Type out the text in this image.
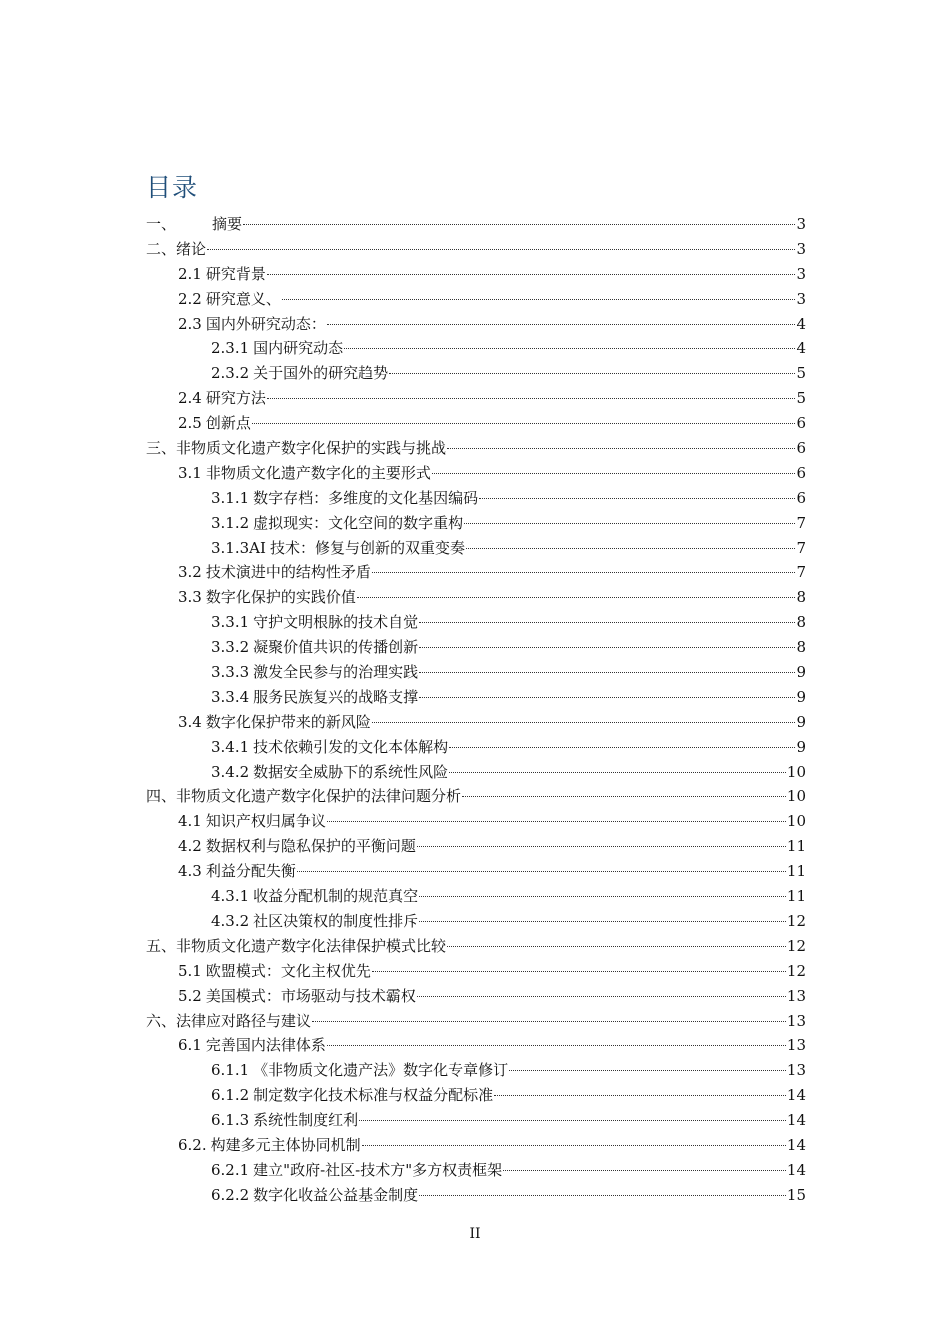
目录
一、	摘要	3
二、 绪论	3
2.1 研究背景	3
2.2 研究意义、	3
2.3 国内外研究动态：	4
2.3.1 国内研究动态	4
2.3.2 关于国外的研究趋势	5
2.4 研究方法	5
2.5 创新点	6
三、 非物质文化遗产数字化保护的实践与挑战	6
3.1 非物质文化遗产数字化的主要形式	6
3.1.1 数字存档：多维度的文化基因编码	6
3.1.2 虚拟现实：文化空间的数字重构	7
3.1.3AI 技术：修复与创新的双重变奏	7
3.2 技术演进中的结构性矛盾	7
3.3 数字化保护的实践价值	8
3.3.1 守护文明根脉的技术自觉	8
3.3.2 凝聚价值共识的传播创新	8
3.3.3 激发全民参与的治理实践	9
3.3.4 服务民族复兴的战略支撑	9
3.4 数字化保护带来的新风险	9
3.4.1 技术依赖引发的文化本体解构	9
3.4.2 数据安全威胁下的系统性风险	10
四、 非物质文化遗产数字化保护的法律问题分析	10
4.1 知识产权归属争议	10
4.2 数据权利与隐私保护的平衡问题	11
4.3 利益分配失衡	11
4.3.1 收益分配机制的规范真空	11
4.3.2 社区决策权的制度性排斥	12
五、 非物质文化遗产数字化法律保护模式比较	12
5.1 欧盟模式：文化主权优先	12
5.2 美国模式：市场驱动与技术霸权	13
六、 法律应对路径与建议	13
6.1 完善国内法律体系	13
6.1.1 《非物质文化遗产法》数字化专章修订	13
6.1.2 制定数字化技术标准与权益分配标准	14
6.1.3 系统性制度红利	14
6.2. 构建多元主体协同机制	14
6.2.1 建立"政府-社区-技术方"多方权责框架	14
6.2.2 数字化收益公益基金制度	15
II
